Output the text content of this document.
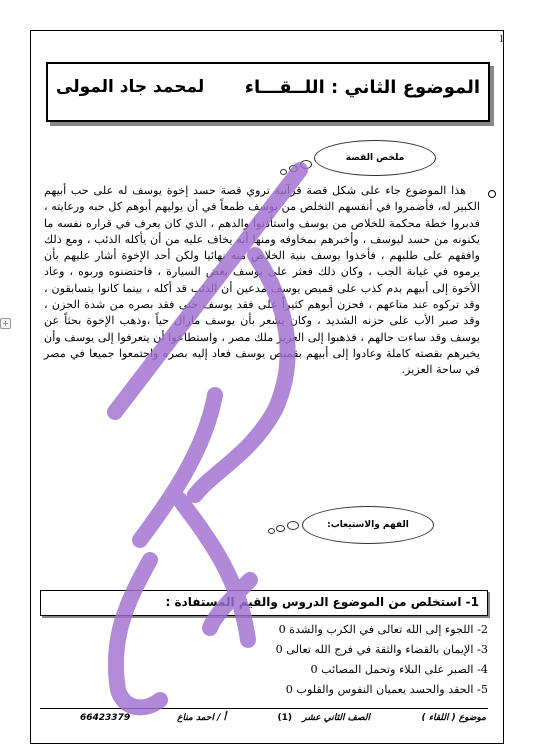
1
+
الموضوع الثاني : اللــقـــاء
لمحمد جاد المولى
ملخص القصة
هذا الموضوع جاء على شكل قصة قرآنية تروي قصة حسد إخوة يوسف له على حب أبيهم الكبير له، فأضمروا في أنفسهم التخلص من يوسف طمعاً في أن يوليهم أبوهم كل حبه ورعايته ، فدبروا خطة محكمة للخلاص من يوسف واستأذنوا والدهم ، الذي كان يعرف في قراره نفسه ما يكنونه من حسد ليوسف ، وأخبرهم بمخاوفه ومنها أنه يخاف عليه من أن يأكله الذئب ، ومع ذلك وافقهم على طلبهم ، فأخذوا يوسف بنية الخلاص منه نهائيا ولكن أحد الإخوة أشار عليهم بأن يرموه في غيابة الجب ، وكان ذلك فعثر على يوسف بعض السيارة ، فاحتضنوه وربوه ، وعاد الأخوة إلى أبيهم بدم كذب على قميص يوسف مدعين أن الذئب قد أكله ، بينما كانوا يتسابقون ، وقد تركوه عند متاعهم ، فحزن أبوهم كثيراً على فقد يوسف حتى فقد بصره من شدة الحزن ، وقد صبر الأب على حزنه الشديد ، وكان يشعر بأن يوسف مازال حياً ،وذهب الإخوة بحثاً عن يوسف وقد ساءت حالهم ، فذهبوا إلى العزيز ملك مصر ، واستطاعوا أن يتعرفوا إلى يوسف وأن يخبرهم بقصته كاملة وعادوا إلى أبيهم بقميص يوسف فعاد إليه بصره واجتمعوا جميعا في مصر في ساحة العزيز.
الفهم والاستيعاب:
1- استخلص من الموضوع الدروس والقيم المستفادة :
2- اللجوء إلى الله تعالى في الكرب والشدة 0
3- الإيمان بالقضاء والثقة في فرج الله تعالى 0
4- الصبر على البلاء وتحمل المصائب 0
5- الحقد والحسد يعميان النفوس والقلوب 0
موضوع ( اللقاء )
الصف الثاني عشر
(1)
أ / احمد مناع
66423379
